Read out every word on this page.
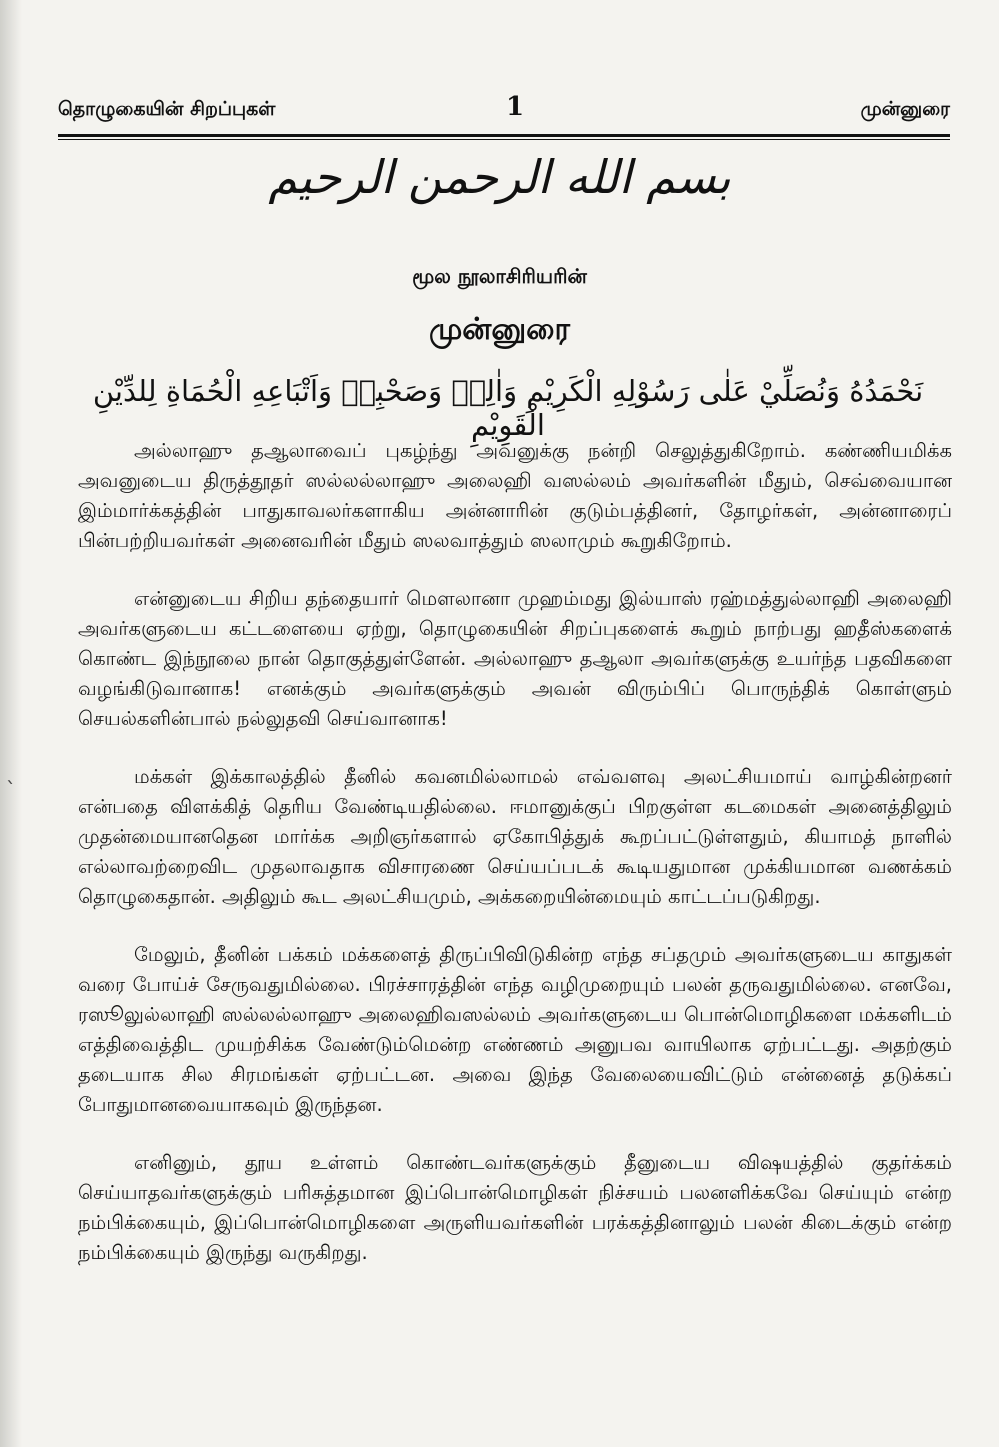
ˎ
தொழுகையின் சிறப்புகள்	1	முன்னுரை
بسم الله الرحمن الرحيم
மூல நூலாசிரியரின்
முன்னுரை
نَحْمَدُهُ وَنُصَلِّيْ عَلٰى رَسُوْلِهِ الْكَرِيْمِ وَاٰلِهٖ وَصَحْبِهٖ وَاَتْبَاعِهِ الْحُمَاةِ لِلدِّيْنِ الْقَوِيْمِ

அல்லாஹு தஆலாவைப் புகழ்ந்து அவனுக்கு நன்றி செலுத்துகிறோம். கண்ணியமிக்க அவனுடைய திருத்தூதர் ஸல்லல்லாஹு அலைஹி வஸல்லம் அவர்களின் மீதும், செவ்வையான இம்மார்க்கத்தின் பாதுகாவலர்களாகிய அன்னாரின் குடும்பத்தினர், தோழர்கள், அன்னாரைப் பின்பற்றியவர்கள் அனைவரின் மீதும் ஸலவாத்தும் ஸலாமும் கூறுகிறோம்.

என்னுடைய சிறிய தந்தையார் மௌலானா முஹம்மது இல்யாஸ் ரஹ்மத்துல்லாஹி அலைஹி அவர்களுடைய கட்டளையை ஏற்று, தொழுகையின் சிறப்புகளைக் கூறும் நாற்பது ஹதீஸ்களைக் கொண்ட இந்நூலை நான் தொகுத்துள்ளேன். அல்லாஹு தஆலா அவர்களுக்கு உயர்ந்த பதவிகளை வழங்கிடுவானாக! எனக்கும் அவர்களுக்கும் அவன் விரும்பிப் பொருந்திக் கொள்ளும் செயல்களின்பால் நல்லுதவி செய்வானாக!

மக்கள் இக்காலத்தில் தீனில் கவனமில்லாமல் எவ்வளவு அலட்சியமாய் வாழ்கின்றனர் என்பதை விளக்கித் தெரிய வேண்டியதில்லை. ஈமானுக்குப் பிறகுள்ள கடமைகள் அனைத்திலும் முதன்மையானதென மார்க்க அறிஞர்களால் ஏகோபித்துக் கூறப்பட்டுள்ளதும், கியாமத் நாளில் எல்லாவற்றைவிட முதலாவதாக விசாரணை செய்யப்படக் கூடியதுமான முக்கியமான வணக்கம் தொழுகைதான். அதிலும் கூட அலட்சியமும், அக்கறையின்மையும் காட்டப்படுகிறது.

மேலும், தீனின் பக்கம் மக்களைத் திருப்பிவிடுகின்ற எந்த சப்தமும் அவர்களுடைய காதுகள் வரை போய்ச் சேருவதுமில்லை. பிரச்சாரத்தின் எந்த வழிமுறையும் பலன் தருவதுமில்லை. எனவே, ரஸூலுல்லாஹி ஸல்லல்லாஹு அலைஹிவஸல்லம் அவர்களுடைய பொன்மொழிகளை மக்களிடம் எத்திவைத்திட முயற்சிக்க வேண்டும்மென்ற எண்ணம் அனுபவ வாயிலாக ஏற்பட்டது. அதற்கும் தடையாக சில சிரமங்கள் ஏற்பட்டன. அவை இந்த வேலையைவிட்டும் என்னைத் தடுக்கப் போதுமானவையாகவும் இருந்தன.

எனினும், தூய உள்ளம் கொண்டவர்களுக்கும் தீனுடைய விஷயத்தில் குதர்க்கம் செய்யாதவர்களுக்கும் பரிசுத்தமான இப்பொன்மொழிகள் நிச்சயம் பலனளிக்கவே செய்யும் என்ற நம்பிக்கையும், இப்பொன்மொழிகளை அருளியவர்களின் பரக்கத்தினாலும் பலன் கிடைக்கும் என்ற நம்பிக்கையும் இருந்து வருகிறது.
